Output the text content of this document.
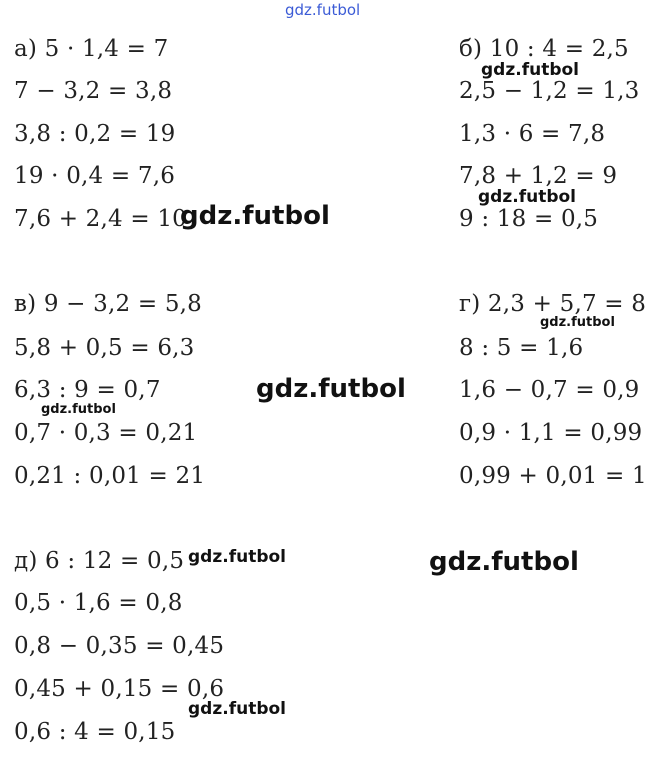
а) 5 · 1,4 = 7
7 − 3,2 = 3,8
3,8 : 0,2 = 19
19 · 0,4 = 7,6
7,6 + 2,4 = 10
б) 10 : 4 = 2,5
2,5 − 1,2 = 1,3
1,3 · 6 = 7,8
7,8 + 1,2 = 9
9 : 18 = 0,5
в) 9 − 3,2 = 5,8
5,8 + 0,5 = 6,3
6,3 : 9 = 0,7
0,7 · 0,3 = 0,21
0,21 : 0,01 = 21
г) 2,3 + 5,7 = 8
8 : 5 = 1,6
1,6 − 0,7 = 0,9
0,9 · 1,1 = 0,99
0,99 + 0,01 = 1
д) 6 : 12 = 0,5
0,5 · 1,6 = 0,8
0,8 − 0,35 = 0,45
0,45 + 0,15 = 0,6
0,6 : 4 = 0,15
gdz.futbol
gdz.futbol
gdz.futbol
gdz.futbol
gdz.futbol
gdz.futbol
gdz.futbol
gdz.futbol	gdz.futbol
gdz.futbol
